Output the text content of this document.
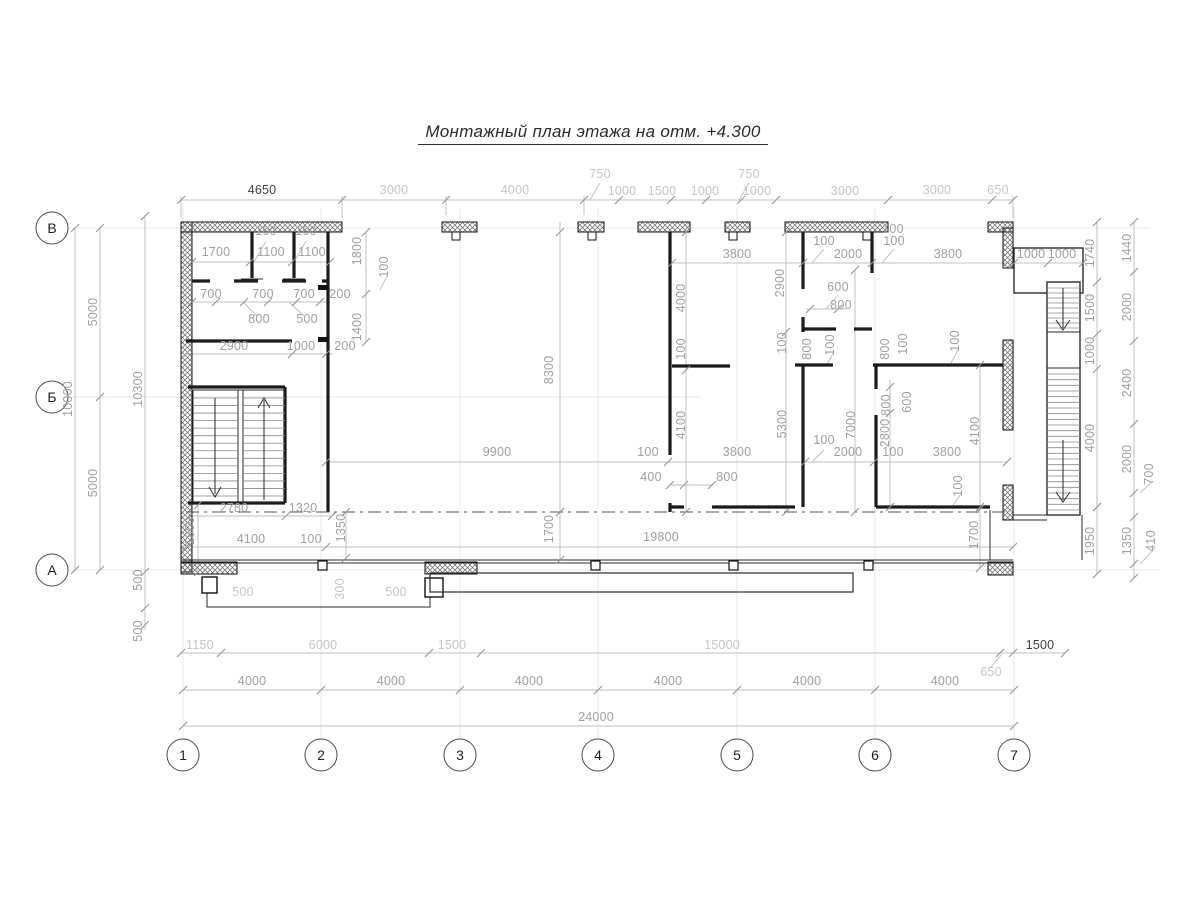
1	2	3	4	5	6	7
В
Б
А
4650	3000	4000
750
1000 1500 1000
750
1000	3000	3000	650
5000
10000
5000
10300
500
500
1740
1500
1000
4000
1950
1440
2000
2400
2000
700
1350 410
500	300	500
1150	6000	1500	15000
650
1500
4000	4000	4000	4000	4000	4000
24000
100 100
1700 1100 1100
700 700 700 200
800 500
1800
100
1400
2900	1000 200
1860
2780	1320
1350
4100	100
8300
1700
9900
19800
3800
100
2000
100
3800
100
1000 1000
2900
4000	600
800
100	100 800 100	800 100	100
4100	5300	7000
800 600
2800	4100
100	3800
100
2000 100 3800
400	800	100
1700
Монтажный план этажа на отм. +4.300
